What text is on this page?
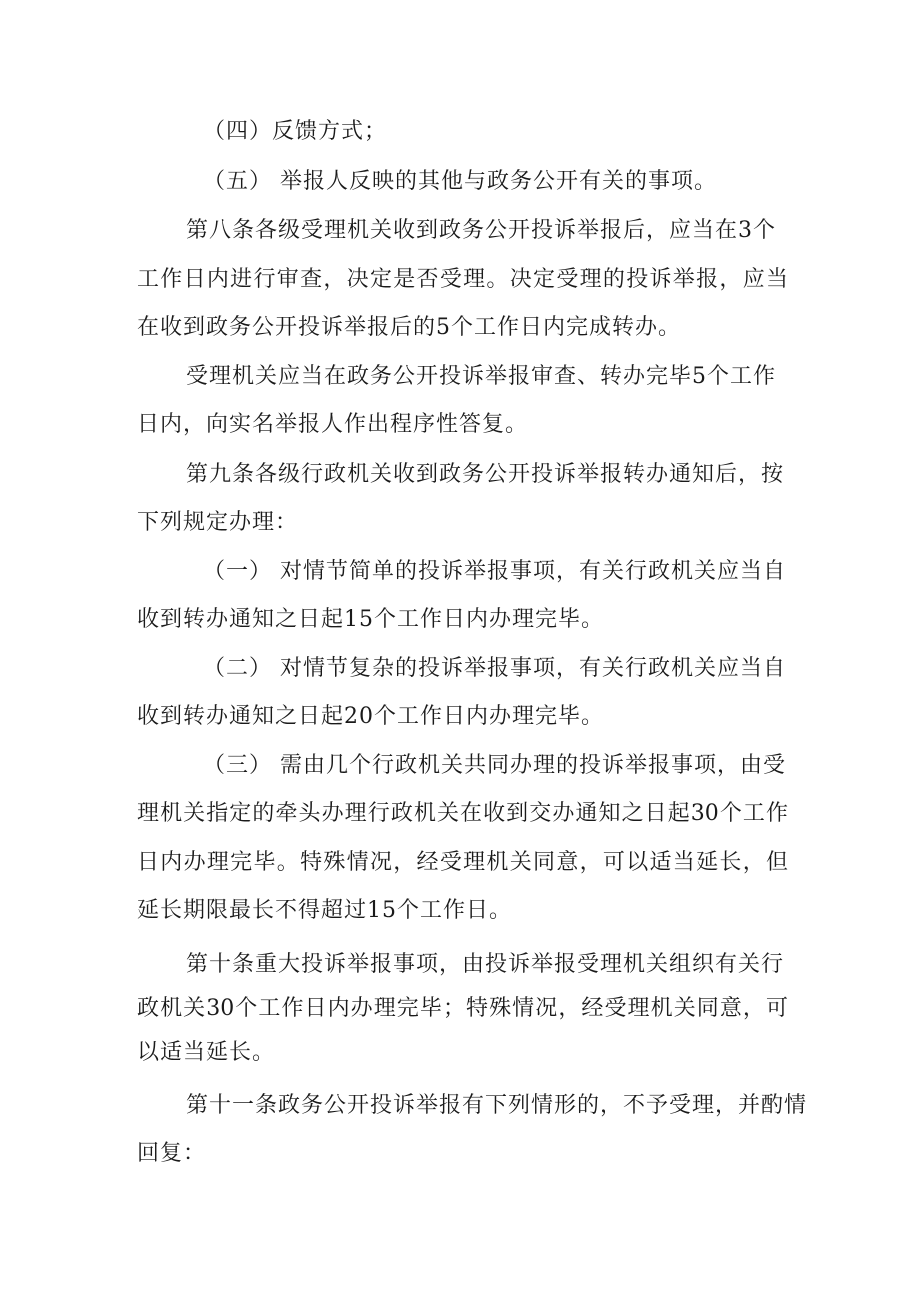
（四）反馈方式；
（五） 举报人反映的其他与政务公开有关的事项。
第八条各级受理机关收到政务公开投诉举报后，应当在3个
工作日内进行审查，决定是否受理。决定受理的投诉举报，应当
在收到政务公开投诉举报后的5个工作日内完成转办。
受理机关应当在政务公开投诉举报审查、转办完毕5个工作
日内，向实名举报人作出程序性答复。
第九条各级行政机关收到政务公开投诉举报转办通知后，按
下列规定办理：
（一） 对情节简单的投诉举报事项，有关行政机关应当自
收到转办通知之日起15个工作日内办理完毕。
（二） 对情节复杂的投诉举报事项，有关行政机关应当自
收到转办通知之日起20个工作日内办理完毕。
（三） 需由几个行政机关共同办理的投诉举报事项，由受
理机关指定的牵头办理行政机关在收到交办通知之日起30个工作
日内办理完毕。特殊情况，经受理机关同意，可以适当延长，但
延长期限最长不得超过15个工作日。
第十条重大投诉举报事项，由投诉举报受理机关组织有关行
政机关30个工作日内办理完毕；特殊情况，经受理机关同意，可
以适当延长。
第十一条政务公开投诉举报有下列情形的，不予受理，并酌情
回复：
